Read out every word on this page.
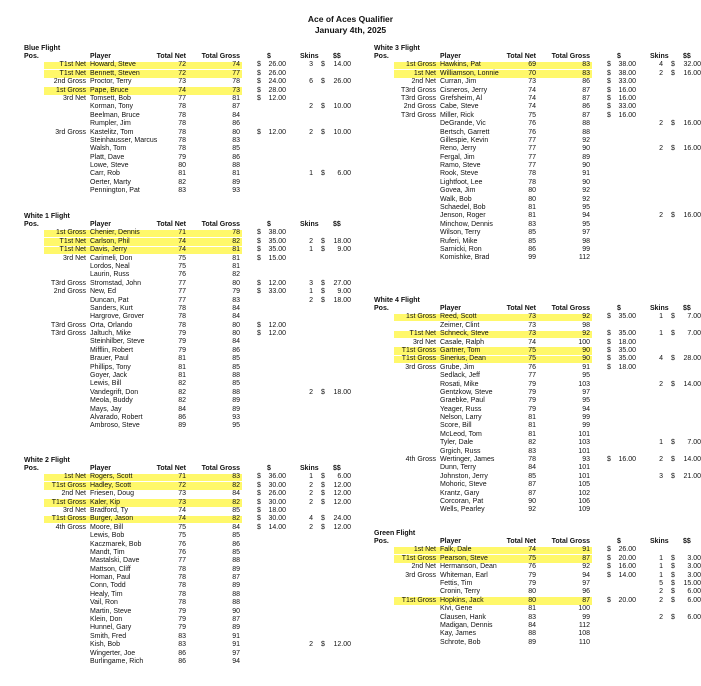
Ace of Aces Qualifier
January 4th, 2025
Blue Flight
Pos.	Player	Total Net Total Gross	$	Skins $$
T1st Net Howard, Steve	72	74 $ 26.00	3 $ 14.00
T1st Net Bennett, Steven	72	77 $ 26.00
2nd Gross Proctor, Terry	73	78 $ 24.00	6 $ 26.00
1st Gross Pape, Bruce	74	73 $ 28.00
3rd Net Tomsett, Bob	77	81 $ 12.00
Korman, Tony	78	87	2 $ 10.00
Beelman, Bruce	78	84
Rumpler, Jim	78	86
3rd Gross Kastelitz, Tom	78	80 $ 12.00	2 $ 10.00
Steinhausser, Marcus	78	83
Walsh, Tom	78	85
Platt, Dave	79	86
Lowe, Steve	80	88
Carr, Rob	81	81	1 $ 6.00
Oerter, Marty	82	89
Pennington, Pat	83	93
White 1 Flight
Pos.	Player	Total Net Total Gross	$	Skins $$
1st Gross Chenier, Dennis	71	78 $ 38.00
T1st Net Carlson, Phil	74	82 $ 35.00	2 $ 18.00
T1st Net Davis, Jerry	74	81 $ 35.00	1 $ 9.00
3rd Net Carimeli, Don	75	81 $ 15.00
Lordos, Neal	75	81
Laurin, Russ	76	82
T3rd Gross Stromstad, John	77	80 $ 12.00	3 $ 27.00
2nd Gross New, Ed	77	79 $ 33.00	1 $ 9.00
Duncan, Pat	77	83	2 $ 18.00
Sanders, Kurt	78	84
Hargrove, Grover	78	84
T3rd Gross Orta, Orlando	78	80 $ 12.00
T3rd Gross Jaltuch, Mike	79	80 $ 12.00
Steinhilber, Steve	79	84
Mifflin, Robert	79	86
Brauer, Paul	81	85
Phillips, Tony	81	85
Goyer, Jack	81	88
Lewis, Bill	82	85
Vandegrift, Don	82	88	2 $ 18.00
Meola, Buddy	82	89
Mays, Jay	84	89
Alvarado, Robert	86	93
Ambroso, Steve	89	95
White 2 Flight
Pos.	Player	Total Net Total Gross	$	Skins $$
1st Net Rogers, Scott	71	83 $ 36.00	1 $ 6.00
T1st Gross Hadley, Scott	72	82 $ 30.00	2 $ 12.00
2nd Net Friesen, Doug	73	84 $ 26.00	2 $ 12.00
T1st Gross Kaler, Kip	73	82 $ 30.00	2 $ 12.00
3rd Net Bradford, Ty	74	85 $ 18.00
T1st Gross Burger, Jason	74	82 $ 30.00	4 $ 24.00
4th Gross Moore, Bill	75	84 $ 14.00	2 $ 12.00
Lewis, Bob	75	85
Kaczmarek, Bob	76	86
Mandt, Tim	76	85
Mastalski, Dave	77	88
Mattson, Cliff	78	89
Homan, Paul	78	87
Conn, Todd	78	89
Healy, Tim	78	88
Vail, Ron	78	88
Martin, Steve	79	90
Klein, Don	79	87
Hunnel, Gary	79	89
Smith, Fred	83	91
Kish, Bob	83	91	2 $ 12.00
Wingerter, Joe	86	97
Burlingame, Rich	86	94
White 3 Flight
Pos.	Player	Total Net Total Gross	$	Skins $$
1st Gross Hawkins, Pat	69	83 $ 38.00	4 $ 32.00
1st Net Williamson, Lonnie	70	83 $ 38.00	2 $ 16.00
2nd Net Curran, Jim	73	86 $ 33.00
T3rd Gross Cisneros, Jerry	74	87 $ 16.00
T3rd Gross Grefsheim, Al	74	87 $ 16.00
2nd Gross Cabe, Steve	74	86 $ 33.00
T3rd Gross Miller, Rick	75	87 $ 16.00
DeGrande, Vic	76	88	2 $ 16.00
Bertsch, Garrett	76	88
Gillespie, Kevin	77	92
Reno, Jerry	77	90	2 $ 16.00
Fergal, Jim	77	89
Ramo, Steve	77	90
Rook, Steve	78	91
Lightfoot, Lee	78	90
Govea, Jim	80	92
Walk, Bob	80	92
Schaedel, Bob	81	95
Jenson, Roger	81	94	2 $ 16.00
Minchow, Dennis	83	95
Wilson, Terry	85	97
Ruferi, Mike	85	98
Sarnicki, Ron	86	99
Komishke, Brad	99	112
White 4 Flight
Pos.	Player	Total Net Total Gross	$	Skins $$
1st Gross Reed, Scott	73	92 $ 35.00	1 $ 7.00
Zeimer, Clint	73	98
T1st Net Schneck, Steve	73	92 $ 35.00	1 $ 7.00
3rd Net Casale, Ralph	74	100 $ 18.00
T1st Gross Gartner, Tom	75	90 $ 35.00
T1st Gross Sinerius, Dean	75	90 $ 35.00	4 $ 28.00
3rd Gross Grube, Jim	76	91 $ 18.00
Sedlack, Jeff	77	95
Rosati, Mike	79	103	2 $ 14.00
Gentzkow, Steve	79	97
Graebke, Paul	79	95
Yeager, Russ	79	94
Nelson, Larry	81	99
Score, Bill	81	99
McLeod, Tom	81	101
Tyler, Dale	82	103	1 $ 7.00
Grgich, Russ	83	101
4th Gross Wertinger, James	78	93 $ 16.00	2 $ 14.00
Dunn, Terry	84	101
Johnston, Jerry	85	101	3 $ 21.00
Mohoric, Steve	87	105
Krantz, Gary	87	102
Corcoran, Pat	90	106
Wells, Pearley	92	109
Green Flight
Pos.	Player	Total Net Total Gross	$	Skins $$
1st Net Falk, Dale	74	91 $ 26.00
T1st Gross Pearson, Steve	75	87 $ 20.00	1 $ 3.00
2nd Net Hermanson, Dean	76	92 $ 16.00	1 $ 3.00
3rd Gross Whiteman, Earl	79	94 $ 14.00	1 $ 3.00
Fettis, Tim	79	97	5 $ 15.00
Cronin, Terry	80	96	2 $ 6.00
T1st Gross Hopkins, Jack	80	87 $ 20.00	2 $ 6.00
Kivi, Gene	81	100
Clausen, Hank	83	99	2 $ 6.00
Madigan, Dennis	84	112
Kay, James	88	108
Schrote, Bob	89	110
